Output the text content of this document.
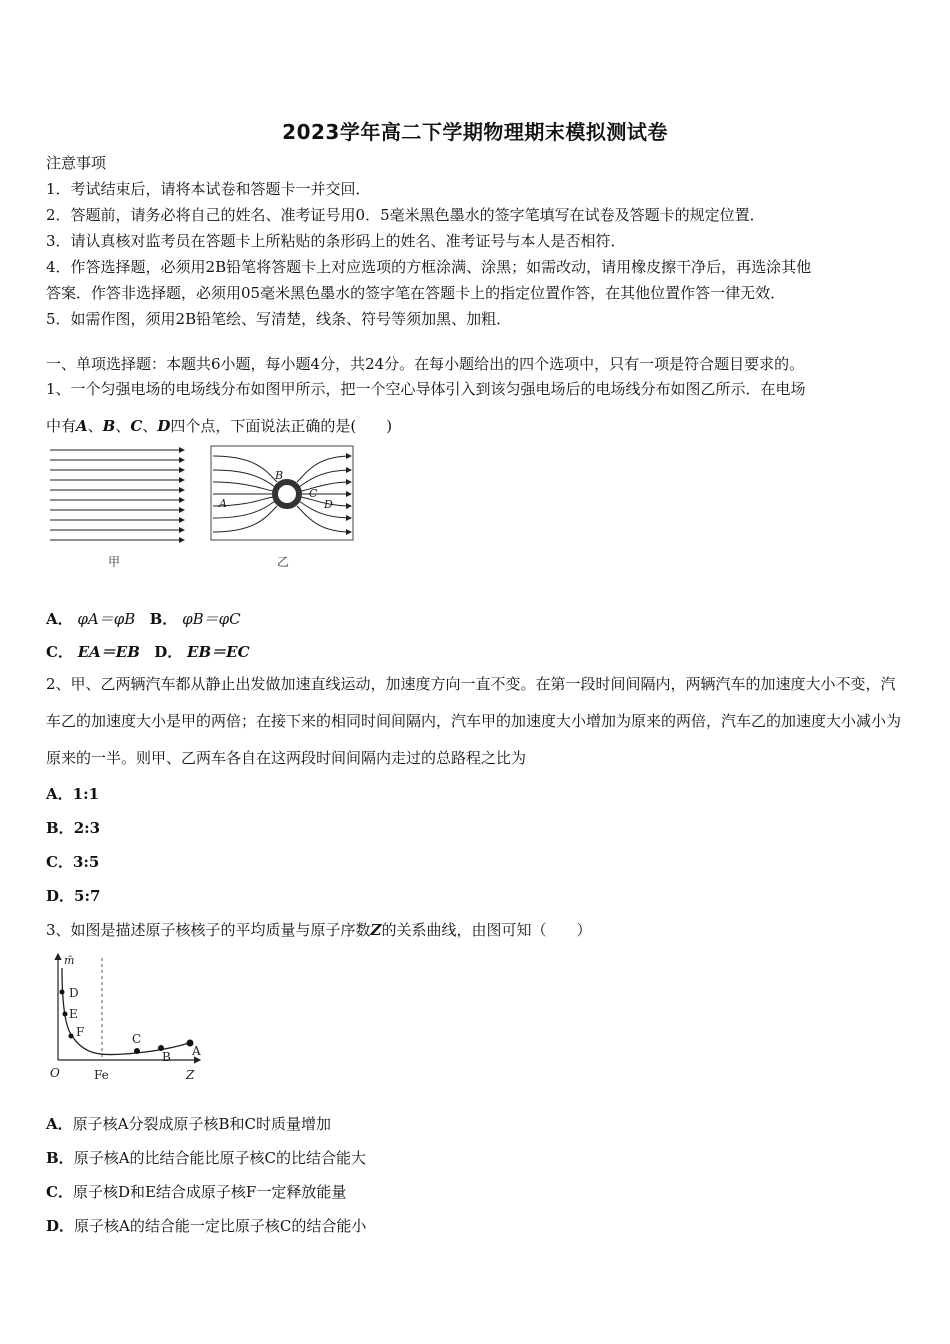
2023学年高二下学期物理期末模拟测试卷
注意事项
1．考试结束后，请将本试卷和答题卡一并交回．
2．答题前，请务必将自己的姓名、准考证号用0．5毫米黑色墨水的签字笔填写在试卷及答题卡的规定位置．
3．请认真核对监考员在答题卡上所粘贴的条形码上的姓名、准考证号与本人是否相符．
4．作答选择题，必须用2B铅笔将答题卡上对应选项的方框涂满、涂黑；如需改动，请用橡皮擦干净后，再选涂其他
答案．作答非选择题，必须用05毫米黑色墨水的签字笔在答题卡上的指定位置作答，在其他位置作答一律无效．
5．如需作图，须用2B铅笔绘、写清楚，线条、符号等须加黑、加粗．
一、单项选择题：本题共6小题，每小题4分，共24分。在每小题给出的四个选项中，只有一项是符合题目要求的。
1、一个匀强电场的电场线分布如图甲所示，把一个空心导体引入到该匀强电场后的电场线分布如图乙所示．在电场
中有A、B、C、D四个点，下面说法正确的是(　　)
甲
A
B
C
D
乙
A． φA＝φB B． φB＝φC
C． EA＝EB D． EB＝EC
2、甲、乙两辆汽车都从静止出发做加速直线运动，加速度方向一直不变。在第一段时间间隔内，两辆汽车的加速度大小不变，汽车乙的加速度大小是甲的两倍；在接下来的相同时间间隔内，汽车甲的加速度大小增加为原来的两倍，汽车乙的加速度大小减小为原来的一半。则甲、乙两车各自在这两段时间间隔内走过的总路程之比为
A．1:1
B．2:3
C．3:5
D．5:7
3、如图是描述原子核核子的平均质量与原子序数Z的关系曲线，由图可知（　　）
m̄
D
E
F	C
B A
O	Fe	Z
A．原子核A分裂成原子核B和C时质量增加
B．原子核A的比结合能比原子核C的比结合能大
C．原子核D和E结合成原子核F一定释放能量
D．原子核A的结合能一定比原子核C的结合能小
